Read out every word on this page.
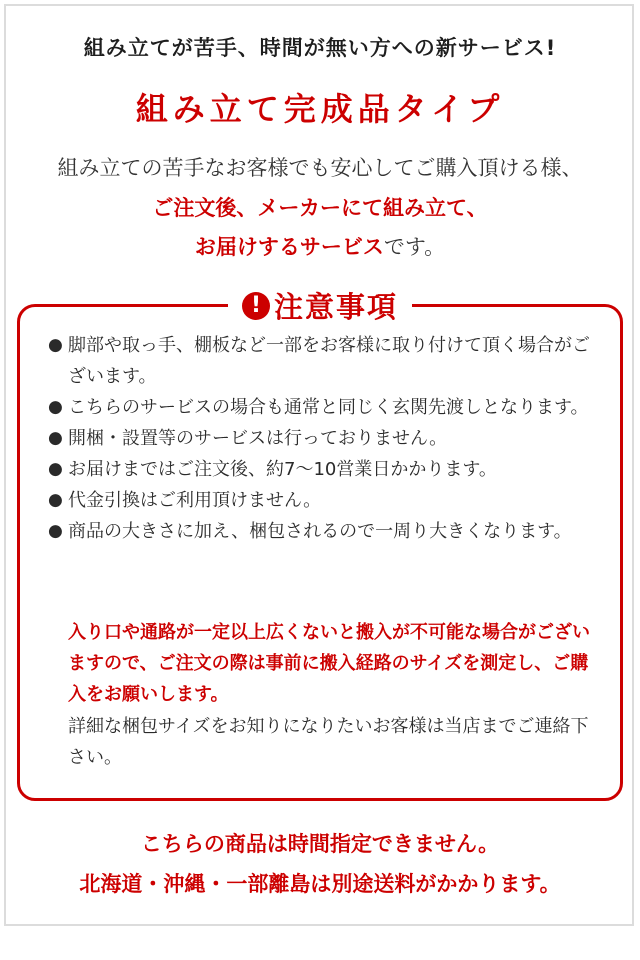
組み立てが苦手、時間が無い方への新サービス!
組み立て完成品タイプ
組み立ての苦手なお客様でも安心してご購入頂ける様、
ご注文後、メーカーにて組み立て、
お届けするサービスです。
! 注意事項
● 脚部や取っ手、棚板など一部をお客様に取り付けて頂く場合がございます。
● こちらのサービスの場合も通常と同じく玄関先渡しとなります。
● 開梱・設置等のサービスは行っておりません。
● お届けまではご注文後、約7～10営業日かかります。
● 代金引換はご利用頂けません。
● 商品の大きさに加え、梱包されるので一周り大きくなります。

入り口や通路が一定以上広くないと搬入が不可能な場合がございますので、ご注文の際は事前に搬入経路のサイズを測定し、ご購入をお願いします。

詳細な梱包サイズをお知りになりたいお客様は当店までご連絡下さい。

こちらの商品は時間指定できません。
北海道・沖縄・一部離島は別途送料がかかります。
